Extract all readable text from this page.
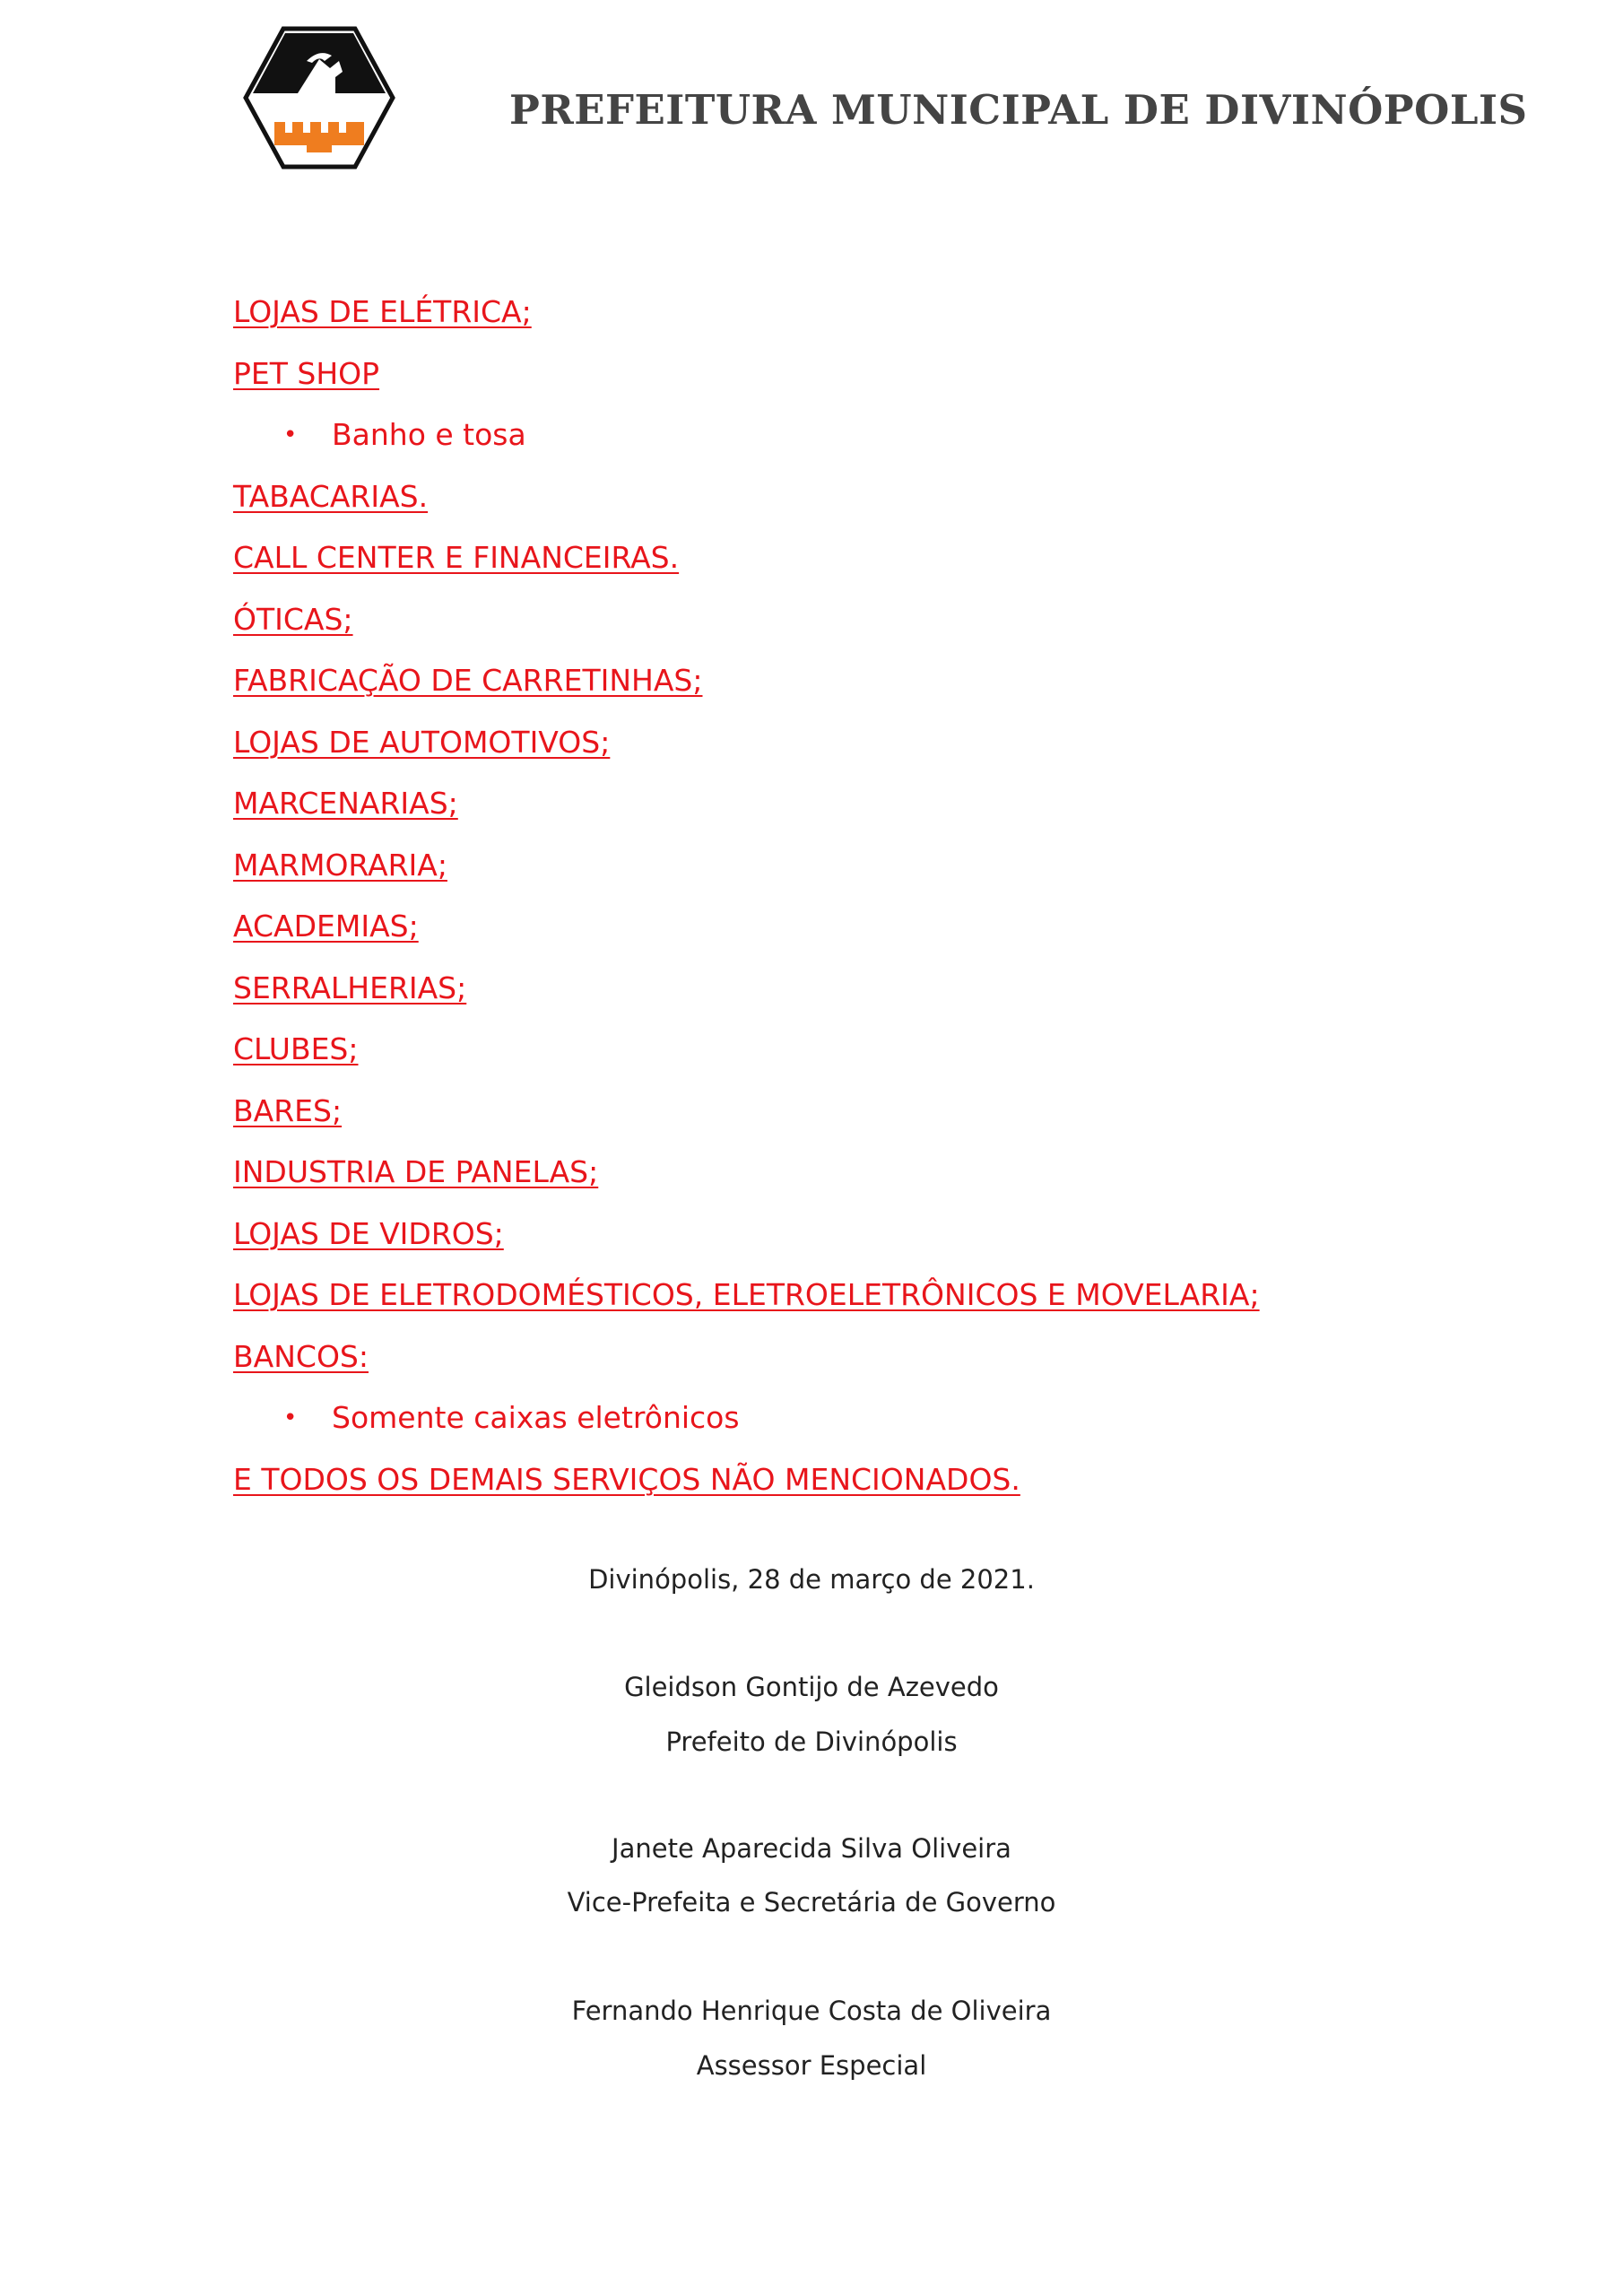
PREFEITURA MUNICIPAL DE DIVINÓPOLIS
LOJAS DE ELÉTRICA;
PET SHOP
• Banho e tosa
TABACARIAS.
CALL CENTER E FINANCEIRAS.
ÓTICAS;
FABRICAÇÃO DE CARRETINHAS;
LOJAS DE AUTOMOTIVOS;
MARCENARIAS;
MARMORARIA;
ACADEMIAS;
SERRALHERIAS;
CLUBES;
BARES;
INDUSTRIA DE PANELAS;
LOJAS DE VIDROS;
LOJAS DE ELETRODOMÉSTICOS, ELETROELETRÔNICOS E MOVELARIA;
BANCOS:
• Somente caixas eletrônicos
E TODOS OS DEMAIS SERVIÇOS NÃO MENCIONADOS.
Divinópolis, 28 de março de 2021.
Gleidson Gontijo de Azevedo
Prefeito de Divinópolis
Janete Aparecida Silva Oliveira
Vice-Prefeita e Secretária de Governo
Fernando Henrique Costa de Oliveira
Assessor Especial
